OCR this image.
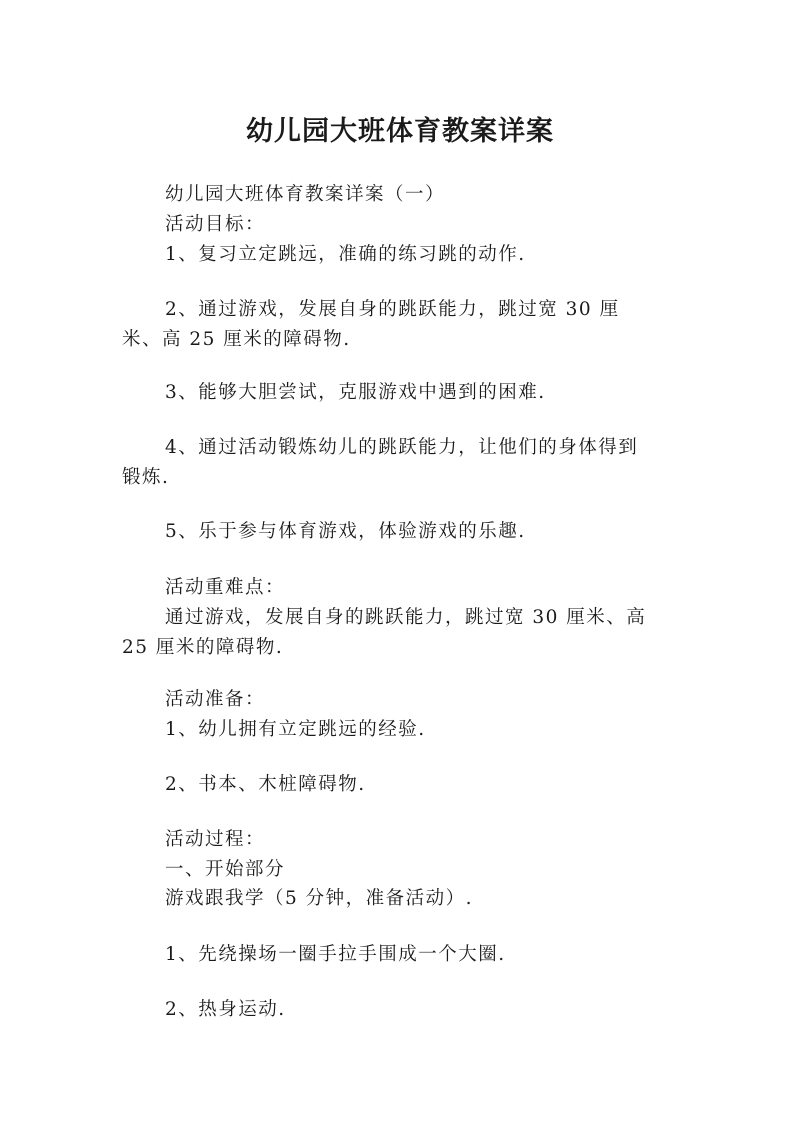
幼儿园大班体育教案详案
幼儿园大班体育教案详案（一）
活动目标：
1、复习立定跳远，准确的练习跳的动作.
2、通过游戏，发展自身的跳跃能力，跳过宽 30 厘
米、高 25 厘米的障碍物.
3、能够大胆尝试，克服游戏中遇到的困难.
4、通过活动锻炼幼儿的跳跃能力，让他们的身体得到
锻炼.
5、乐于参与体育游戏，体验游戏的乐趣.
活动重难点：
通过游戏，发展自身的跳跃能力，跳过宽 30 厘米、高
25 厘米的障碍物.
活动准备：
1、幼儿拥有立定跳远的经验.
2、书本、木桩障碍物.
活动过程：
一、开始部分
游戏跟我学（5 分钟，准备活动）.
1、先绕操场一圈手拉手围成一个大圈.
2、热身运动.
